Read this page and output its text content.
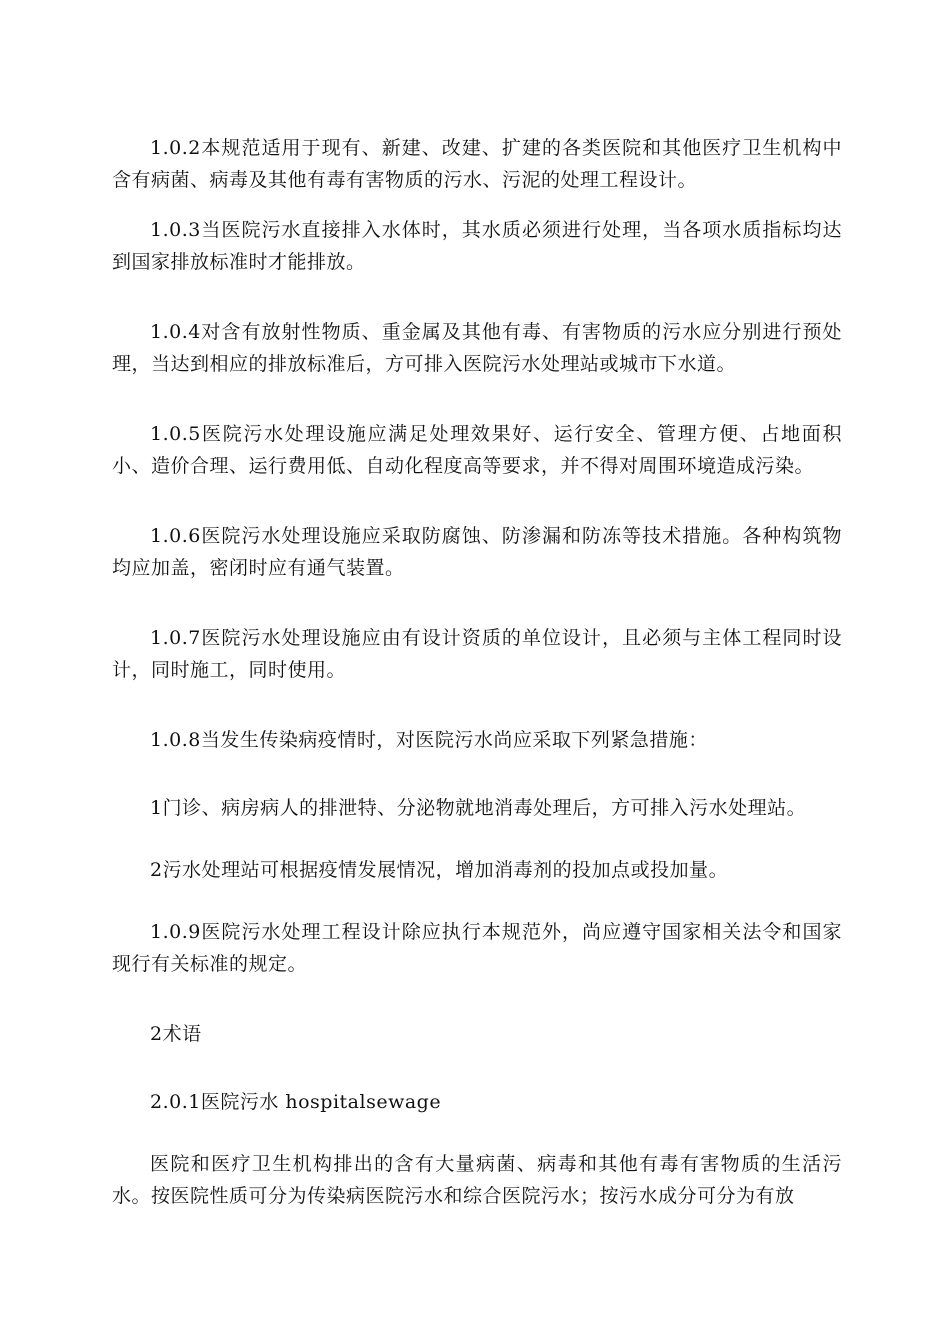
1.0.2本规范适用于现有、新建、改建、扩建的各类医院和其他医疗卫生机构中含有病菌、病毒及其他有毒有害物质的污水、污泥的处理工程设计。

1.0.3当医院污水直接排入水体时，其水质必须进行处理，当各项水质指标均达到国家排放标准时才能排放。

1.0.4对含有放射性物质、重金属及其他有毒、有害物质的污水应分别进行预处理，当达到相应的排放标准后，方可排入医院污水处理站或城市下水道。

1.0.5医院污水处理设施应满足处理效果好、运行安全、管理方便、占地面积小、造价合理、运行费用低、自动化程度高等要求，并不得对周围环境造成污染。

1.0.6医院污水处理设施应采取防腐蚀、防渗漏和防冻等技术措施。各种构筑物均应加盖，密闭时应有通气装置。

1.0.7医院污水处理设施应由有设计资质的单位设计，且必须与主体工程同时设计，同时施工，同时使用。

1.0.8当发生传染病疫情时，对医院污水尚应采取下列紧急措施：

1门诊、病房病人的排泄特、分泌物就地消毒处理后，方可排入污水处理站。

2污水处理站可根据疫情发展情况，增加消毒剂的投加点或投加量。

1.0.9医院污水处理工程设计除应执行本规范外，尚应遵守国家相关法令和国家现行有关标准的规定。

2术语

2.0.1医院污水 hospitalsewage

医院和医疗卫生机构排出的含有大量病菌、病毒和其他有毒有害物质的生活污水。按医院性质可分为传染病医院污水和综合医院污水；按污水成分可分为有放
